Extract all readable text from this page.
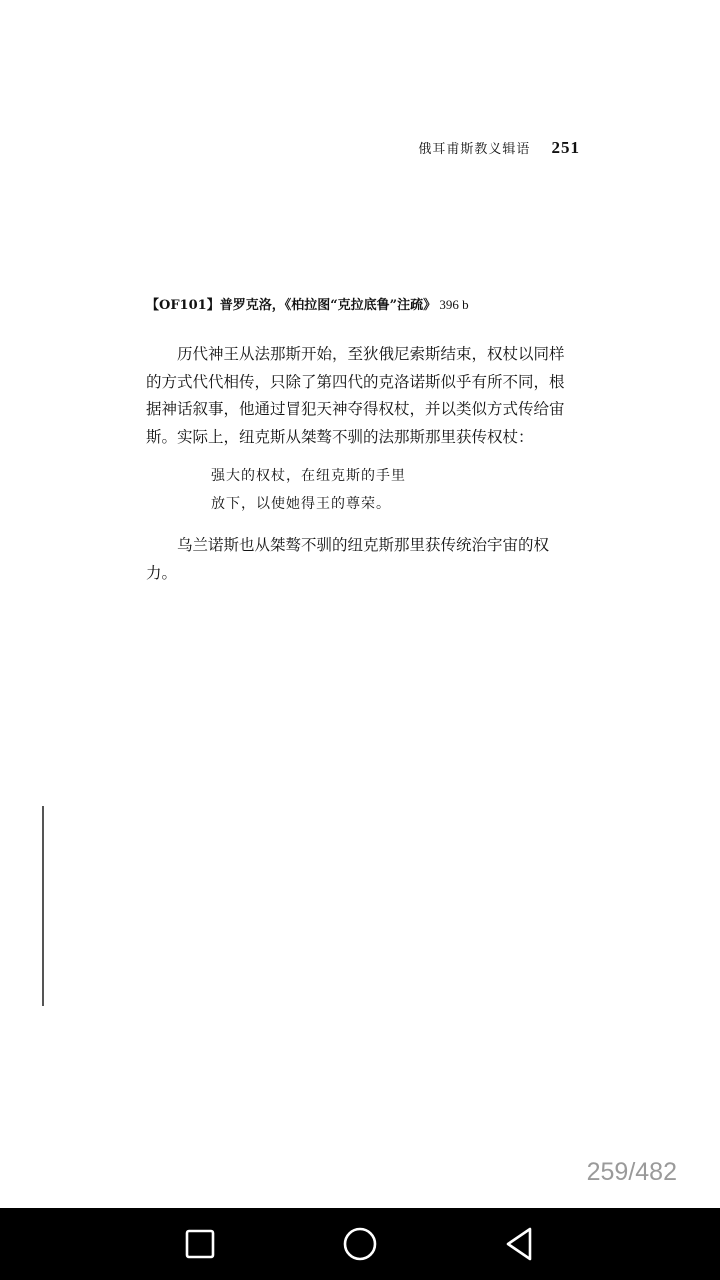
俄耳甫斯教义辑语 251
【OF101】普罗克洛，《柏拉图“克拉底鲁”注疏》 396 b
历代神王从法那斯开始，至狄俄尼索斯结束，权杖以同样
的方式代代相传，只除了第四代的克洛诺斯似乎有所不同，根
据神话叙事，他通过冒犯天神夺得权杖，并以类似方式传给宙
斯。实际上，纽克斯从桀骜不驯的法那斯那里获传权杖：
强大的权杖，在纽克斯的手里
放下，以使她得王的尊荣。
乌兰诺斯也从桀骜不驯的纽克斯那里获传统治宇宙的权
力。
259/482
